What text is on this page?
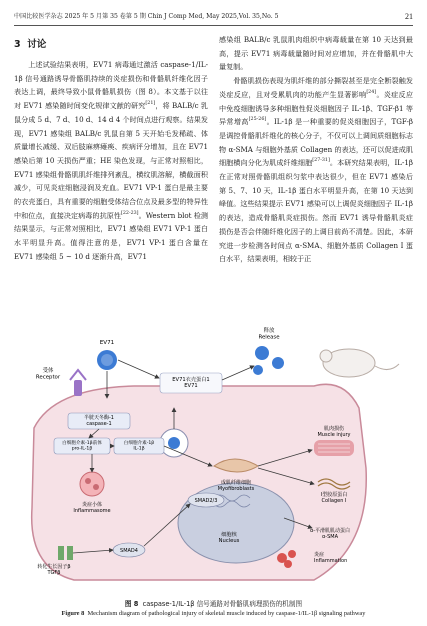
中国比较医学杂志 2025 年 5 月第 35 卷第 5 期 Chin J Comp Med, May 2025,Vol. 35,No. 5	21
3 讨论

上述试验结果表明，EV71 病毒通过激活 caspase-1/IL-1β 信号通路诱导骨骼肌持续的炎症损伤和骨骼肌纤维化因子表达上调，最终导致小鼠骨骼肌损伤（图 8）。本文基于以往对 EV71 感染随时间变化规律文献的研究[21]，将 BALB/c 乳鼠分成 5 d、7 d、10 d、14 d 4 个时间点进行观察。结果发现，EV71 感染组 BALB/c 乳鼠自第 5 天开始毛发稀疏、体质量增长减缓、双后肢麻痹瘫痪、疾病评分增加，且在 EV71 感染后第 10 天损伤严重；HE 染色发现，与正常对照相比，EV71 感染组骨骼肌肌纤维排列紊乱，横纹肌溶解，横截面积减少，可见炎症细胞浸润及充血。EV71 VP-1 蛋白是最主要的衣壳蛋白，具有重要的细胞受体结合位点及最多型的特异性中和位点，直接决定病毒的抗原性[22-23]。Western blot 检测结果显示，与正常对照相比，EV71 感染组 EV71 VP-1 蛋白水平明显升高。值得注意的是，EV71 VP-1 蛋白含量在 EV71 感染组 5 ~ 10 d 逐渐升高，EV71

感染组 BALB/c 乳鼠肌肉组织中病毒载量在第 10 天达到最高，提示 EV71 病毒载量随时间对应增加，并在骨骼肌中大量复制。

骨骼肌损伤表现为肌纤维的部分撕裂甚至是完全断裂触发炎症反应，且对受累肌肉的功能产生显著影响[24]。炎症反应中免疫细胞诱导多种细胞性促炎细胞因子 IL-1β、TGF-β1 等异常增高[25-26]。IL-1β 是一种重要的促炎细胞因子，TGF-β 是调控骨骼肌纤维化的核心分子，不仅可以上调间质细胞标志物 α-SMA 与细胞外基质 Collagen 的表达，还可以促进成肌细胞横向分化为肌成纤维细胞[27-31]。本研究结果表明，IL-1β 在正常对照骨骼肌组织匀浆中表达很少，但在 EV71 感染后第 5、7、10 天，IL-1β 蛋白水平明显升高，在第 10 天达到峰值。这些结果提示 EV71 感染可以上调促炎细胞因子 IL-1β 的表达，造成骨骼肌炎症损伤。然而 EV71 诱导骨骼肌炎症损伤是否会伴随纤维化因子的上调目前尚不清楚。因此，本研究进一步检测各时间点 α-SMA、细胞外基质 Collagen I 蛋白水平，结果表明，相较于正

EV71衣壳蛋白1 EV71
受体 Receptor
EV71
释放 Release
半胱天冬酶-1 caspase-1
白细胞介素-1β前体 pro-IL-1β
白细胞介素-1β IL-1β
炎症小体 Inflammasome
转化生长因子β TGFβ
SMAD4
SMAD2/3
细胞核 Nucleus
成肌纤维细胞 Myofibroblasts
肌肉损伤 Muscle injury
I型胶原蛋白 Collagen I
α-平滑肌肌动蛋白 α-SMA
炎症 Inflammation
图 8 caspase-1/IL-1β 信号通路对骨骼肌病理损伤的机制图
Figure 8 Mechanism diagram of pathological injury of skeletal muscle induced by caspase-1/IL-1β signaling pathway
